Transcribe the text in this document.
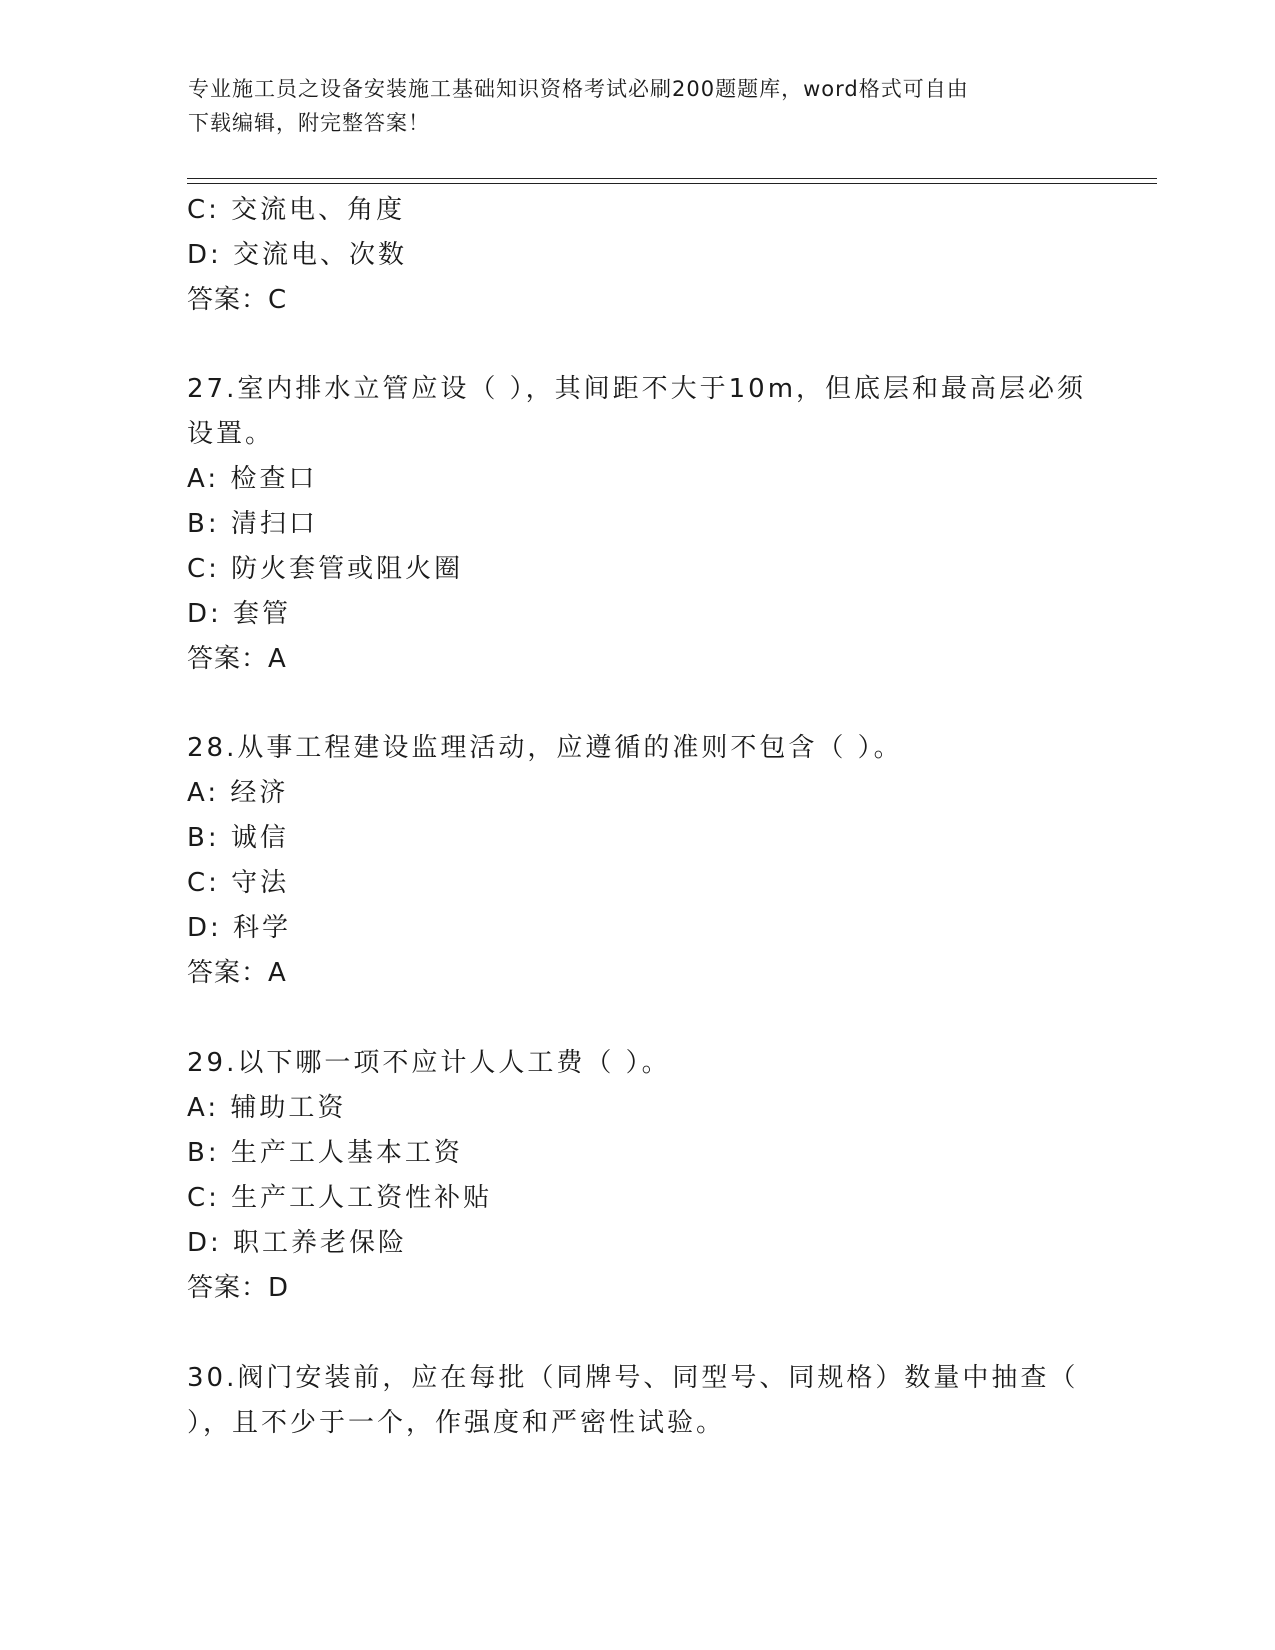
专业施工员之设备安装施工基础知识资格考试必刷200题题库，word格式可自由
下载编辑，附完整答案！
C: 交流电、角度
D: 交流电、次数
答案：C
27.室内排水立管应设（ ），其间距不大于10m，但底层和最高层必须
设置。
A: 检查口
B: 清扫口
C: 防火套管或阻火圈
D: 套管
答案：A
28.从事工程建设监理活动，应遵循的准则不包含（ ）。
A: 经济
B: 诚信
C: 守法
D: 科学
答案：A
29.以下哪一项不应计人人工费（ ）。
A: 辅助工资
B: 生产工人基本工资
C: 生产工人工资性补贴
D: 职工养老保险
答案：D
30.阀门安装前，应在每批（同牌号、同型号、同规格）数量中抽查（
），且不少于一个，作强度和严密性试验。
